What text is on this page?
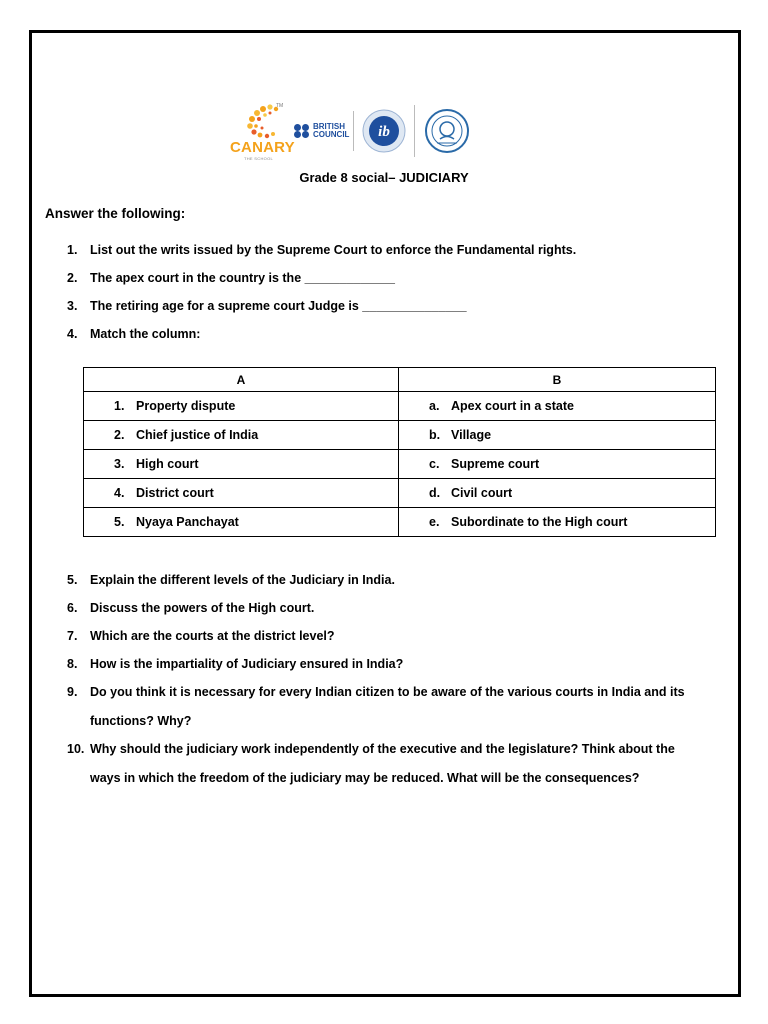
TM
CANARY
THE SCHOOL
BRITISH
COUNCIL ib
Grade 8 social– JUDICIARY
Answer the following:
1. List out the writs issued by the Supreme Court to enforce the Fundamental rights.
2. The apex court in the country is the _____________
3. The retiring age for a supreme court Judge is _______________
4. Match the column:
A	B
1. Property dispute	a. Apex court in a state
2. Chief justice of India	b. Village
3. High court	c. Supreme court
4. District court	d. Civil court
5. Nyaya Panchayat	e. Subordinate to the High court
5. Explain the different levels of the Judiciary in India.
6. Discuss the powers of the High court.
7. Which are the courts at the district level?
8. How is the impartiality of Judiciary ensured in India?
9. Do you think it is necessary for every Indian citizen to be aware of the various courts in India and its
functions? Why?
10. Why should the judiciary work independently of the executive and the legislature? Think about the
ways in which the freedom of the judiciary may be reduced. What will be the consequences?
